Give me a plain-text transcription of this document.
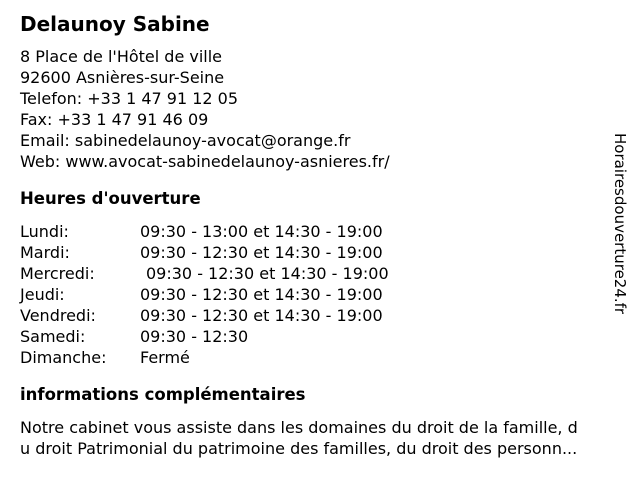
Delaunoy Sabine
8 Place de l'Hôtel de ville
92600 Asnières-sur-Seine
Telefon: +33 1 47 91 12 05
Fax: +33 1 47 91 46 09
Email: sabinedelaunoy-avocat@orange.fr
Web: www.avocat-sabinedelaunoy-asnieres.fr/
Heures d'ouverture
Lundi:	09:30 - 13:00 et 14:30 - 19:00
Mardi:	09:30 - 12:30 et 14:30 - 19:00
Mercredi:	09:30 - 12:30 et 14:30 - 19:00
Jeudi:	09:30 - 12:30 et 14:30 - 19:00
Vendredi:	09:30 - 12:30 et 14:30 - 19:00
Samedi:	09:30 - 12:30
Dimanche:	Fermé
informations complémentaires
Notre cabinet vous assiste dans les domaines du droit de la famille, d
u droit Patrimonial du patrimoine des familles, du droit des personn...
Horairesdouverture24.fr
